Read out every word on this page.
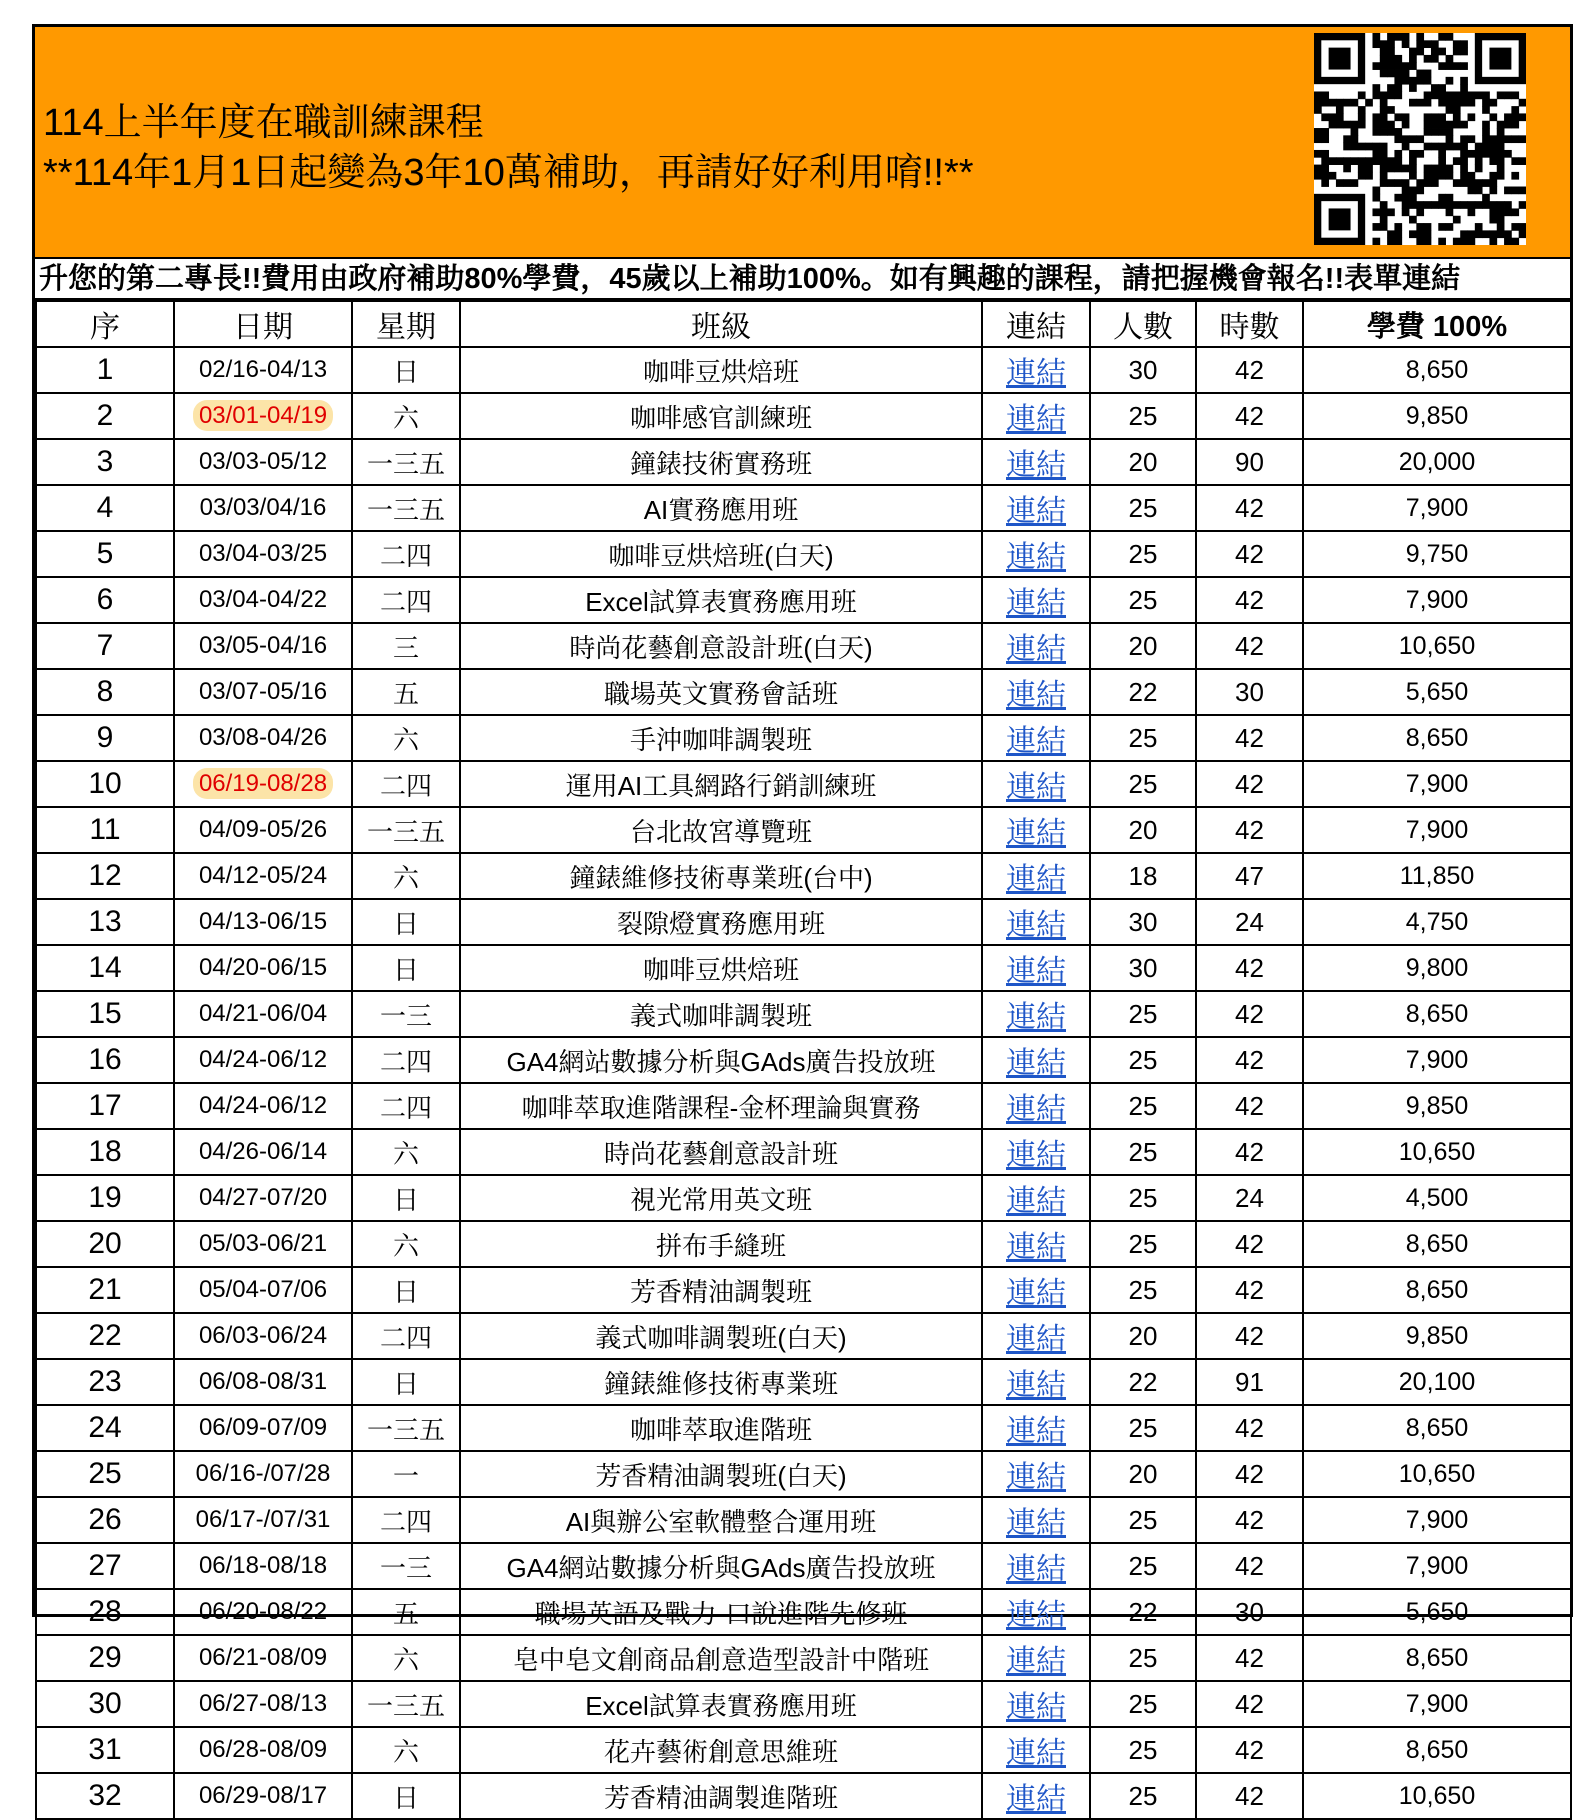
114上半年度在職訓練課程
**114年1月1日起變為3年10萬補助，再請好好利用唷!!**
升您的第二專長!!費用由政府補助80%學費，45歲以上補助100%。如有興趣的課程，請把握機會報名!!表單連結
序	日期	星期	班級	連結	人數	時數	學費 100%
1	02/16-04/13	日	咖啡豆烘焙班	連結	30	42	8,650
2	03/01-04/19	六	咖啡感官訓練班	連結	25	42	9,850
3	03/03-05/12	一三五	鐘錶技術實務班	連結	20	90	20,000
4	03/03/04/16	一三五	AI實務應用班	連結	25	42	7,900
5	03/04-03/25	二四	咖啡豆烘焙班(白天)	連結	25	42	9,750
6	03/04-04/22	二四	Excel試算表實務應用班	連結	25	42	7,900
7	03/05-04/16	三	時尚花藝創意設計班(白天)	連結	20	42	10,650
8	03/07-05/16	五	職場英文實務會話班	連結	22	30	5,650
9	03/08-04/26	六	手沖咖啡調製班	連結	25	42	8,650
10	06/19-08/28	二四	運用AI工具網路行銷訓練班	連結	25	42	7,900
11	04/09-05/26	一三五	台北故宮導覽班	連結	20	42	7,900
12	04/12-05/24	六	鐘錶維修技術專業班(台中)	連結	18	47	11,850
13	04/13-06/15	日	裂隙燈實務應用班	連結	30	24	4,750
14	04/20-06/15	日	咖啡豆烘焙班	連結	30	42	9,800
15	04/21-06/04	一三	義式咖啡調製班	連結	25	42	8,650
16	04/24-06/12	二四	GA4網站數據分析與GAds廣告投放班	連結	25	42	7,900
17	04/24-06/12	二四	咖啡萃取進階課程-金杯理論與實務	連結	25	42	9,850
18	04/26-06/14	六	時尚花藝創意設計班	連結	25	42	10,650
19	04/27-07/20	日	視光常用英文班	連結	25	24	4,500
20	05/03-06/21	六	拼布手縫班	連結	25	42	8,650
21	05/04-07/06	日	芳香精油調製班	連結	25	42	8,650
22	06/03-06/24	二四	義式咖啡調製班(白天)	連結	20	42	9,850
23	06/08-08/31	日	鐘錶維修技術專業班	連結	22	91	20,100
24	06/09-07/09	一三五	咖啡萃取進階班	連結	25	42	8,650
25	06/16-/07/28	一	芳香精油調製班(白天)	連結	20	42	10,650
26	06/17-/07/31	二四	AI與辦公室軟體整合運用班	連結	25	42	7,900
27	06/18-08/18	一三	GA4網站數據分析與GAds廣告投放班	連結	25	42	7,900
28	06/20-08/22	五	職場英語及戰力-口說進階先修班	連結	22	30	5,650
29	06/21-08/09	六	皂中皂文創商品創意造型設計中階班	連結	25	42	8,650
30	06/27-08/13	一三五	Excel試算表實務應用班	連結	25	42	7,900
31	06/28-08/09	六	花卉藝術創意思維班	連結	25	42	8,650
32	06/29-08/17	日	芳香精油調製進階班	連結	25	42	10,650
